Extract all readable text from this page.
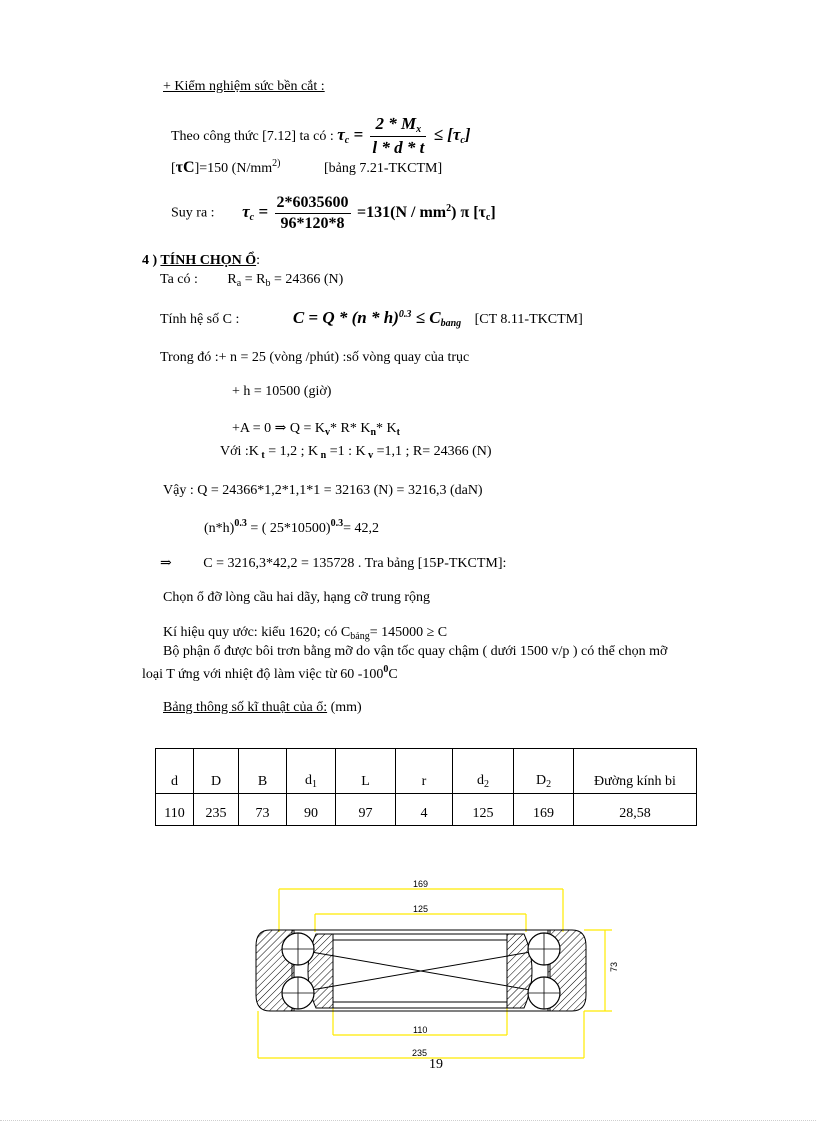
+ Kiểm nghiệm sức bền cắt :
Theo công thức [7.12] ta có : $\tau_c = \frac{2 * M_x}{l * d * t} \le [\tau_c]$
[τC]=150 ($N/mm^{2)}$	[bảng 7.21-TKCTM]
Suy ra : $\tau_c = \frac{2*6035600}{96*120*8} =131(N / mm^2)$ π $[\tau_c]$
4 ) TÍNH CHỌN Ổ:
Ta có : $R_a = R_b = 24366$ (N)
Tính hệ số C :	$C = Q * (n * h)^{0.3} \le C_{bang}$ [CT 8.11-TKCTM]
Trong đó :+ n = 25 (vòng /phút) :số vòng quay của trục
+ h = 10500 (giờ)
+A = 0 ⇒ $Q = K_v*$ R* $K_n*$ $K_t$
Với :K $_t$ = 1,2 ; K $_n$ =1 : K $_v$ =1,1 ; R= 24366 (N)
Vậy : Q = 24366*1,2*1,1*1 = 32163 (N) = 3216,3 (daN)
$(n*h)^{0.3}$ = ( 25*10500)$^{0.3}$= 42,2
⇒ C = 3216,3*42,2 = 135728 . Tra bảng [15P-TKCTM]:
Chọn ổ đỡ lòng cầu hai dãy, hạng cỡ trung rộng
Kí hiệu quy ước: kiểu 1620; có $C_{bảng}= 145000 \ge C$
Bộ phận ổ được bôi trơn bằng mỡ do vận tốc quay chậm ( dưới 1500 v/p ) có thể chọn mỡ
loại T ứng với nhiệt độ làm việc từ 60 $-100^0C$
Bảng thông số kĩ thuật của ổ: (mm)
d	D	B	$d_1$	L	r	$d_2$	$D_2$	Đường kính bi
110	235	73	90	97	4	125	169	28,58
169
125
110
235
73
19
